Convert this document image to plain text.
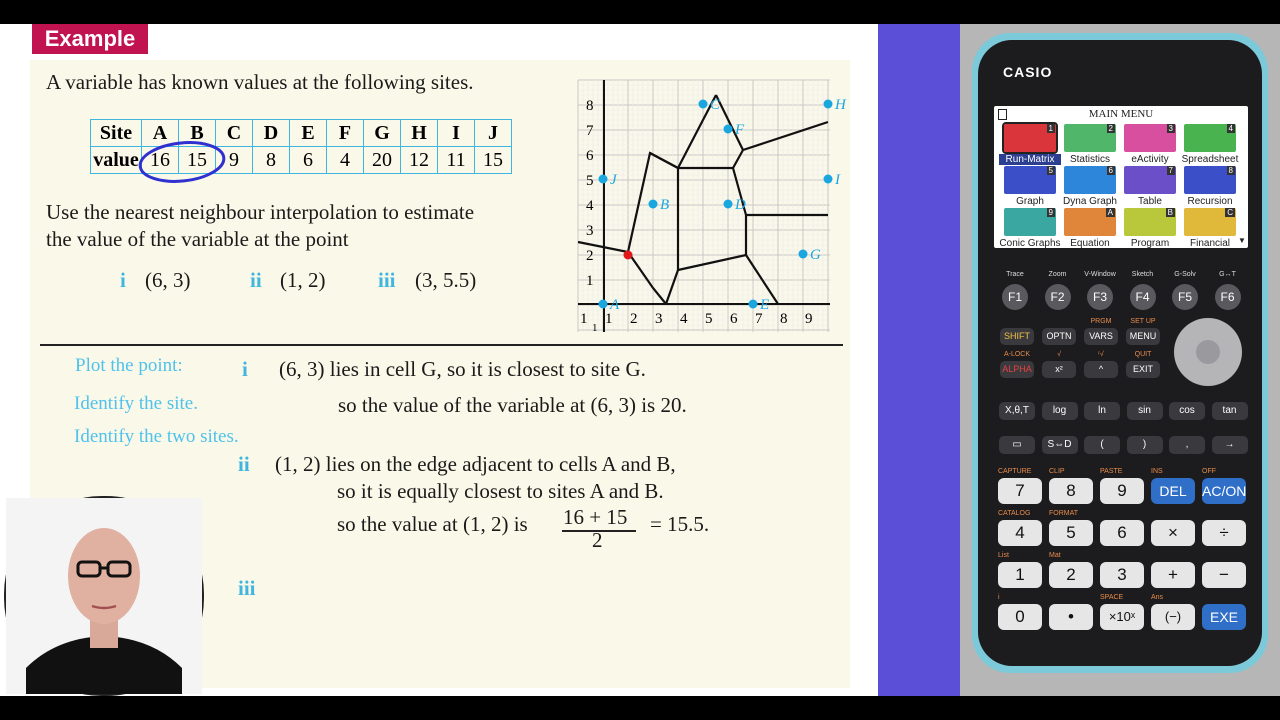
Example
A variable has known values at the following sites.
Site	A	B	C	D	E	F	G	H	I	J
value	16	15	9	8	6	4	20	12	11	15
Use the nearest neighbour interpolation to estimate
the value of the variable at the point
i (6, 3)	ii (1, 2)	iii (3, 5.5)
1 1 2 3 4 5 6 7 8 9
8
7
6
5
4
3
2
1
1
A
B
C
D
E
F
G
H
I
J
Plot the point:
Identify the site.
Identify the two sites.
i (6, 3) lies in cell G, so it is closest to site G.
so the value of the variable at (6, 3) is 20.
ii (1, 2) lies on the edge adjacent to cells A and B,
so it is equally closest to sites A and B.
so the value at (1, 2) is 16 + 15
2
= 15.5.
iii
CASIO
MAIN MENU
1
Run-Matrix
2
Statistics
3
eActivity
4
Spreadsheet
5
Graph
6
Dyna Graph
7
Table
8
Recursion
9
Conic Graphs
A
Equation
B
Program
C
Financial ▼
Trace
F1
Zoom
F2
V-Window
F3
Sketch
F4
G-Solv
F5
G↔T
F6
SHIFT	OPTN
PRGM
VARS
SET UP
MENU
A-LOCK
ALPHA
√
x²
ʳ√
^
QUIT
EXIT
X,θ,T	log	ln	sin	cos	tan
▭	S⇔D	(	)	,	→
CAPTURE
7
CLIP
8
PASTE
9
INS
DEL
OFF
AC/ON
CATALOG
4
FORMAT
5	6	×	÷
List
1
Mat
2	3	+	−
i
0	•
SPACE
×10ˣ
Ans
(−)	EXE
